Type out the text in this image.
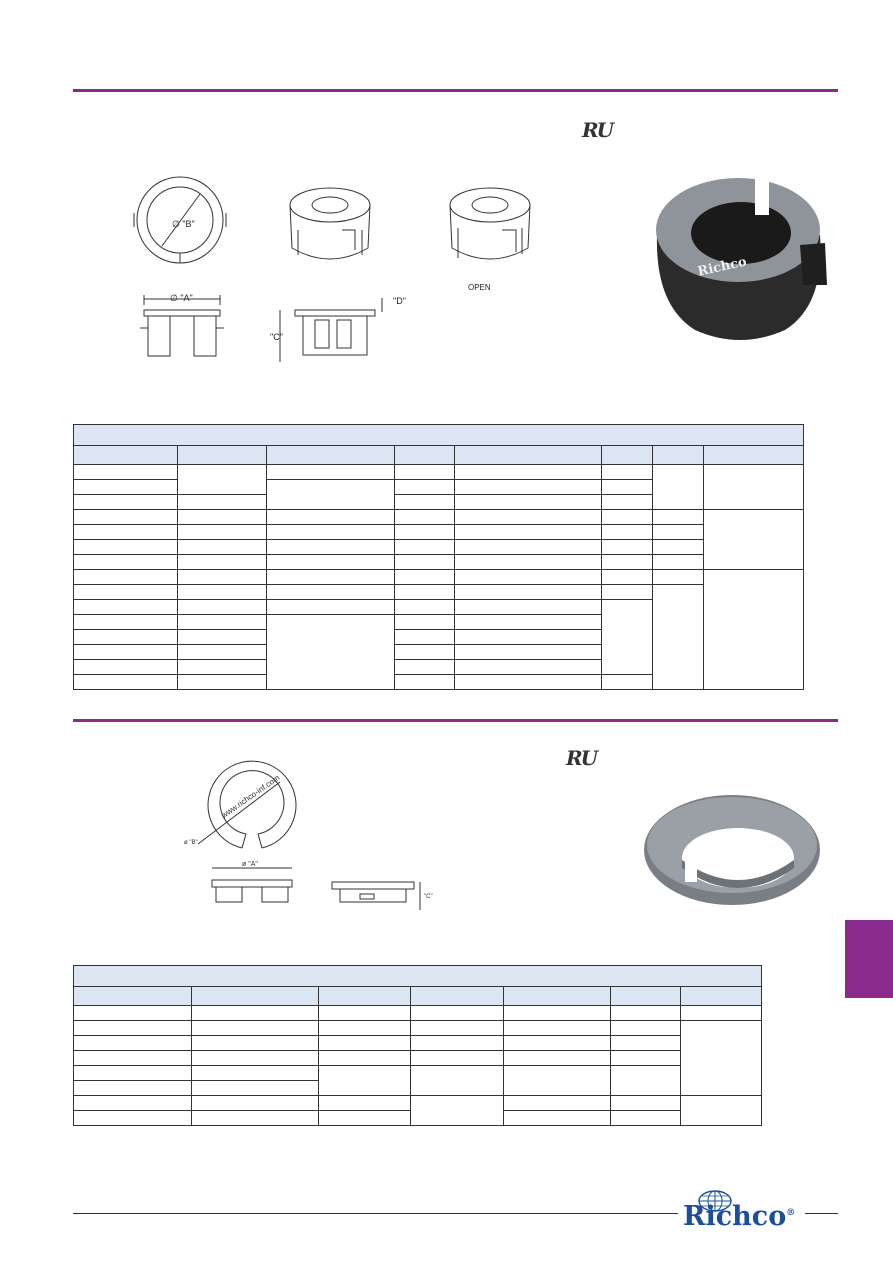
RU
∅ "B"
OPEN
∅ "A"
"C"
"D"
Richco

RU
www.richco-inf.com
ø "B"
ø "A"
"C"

Richco®
